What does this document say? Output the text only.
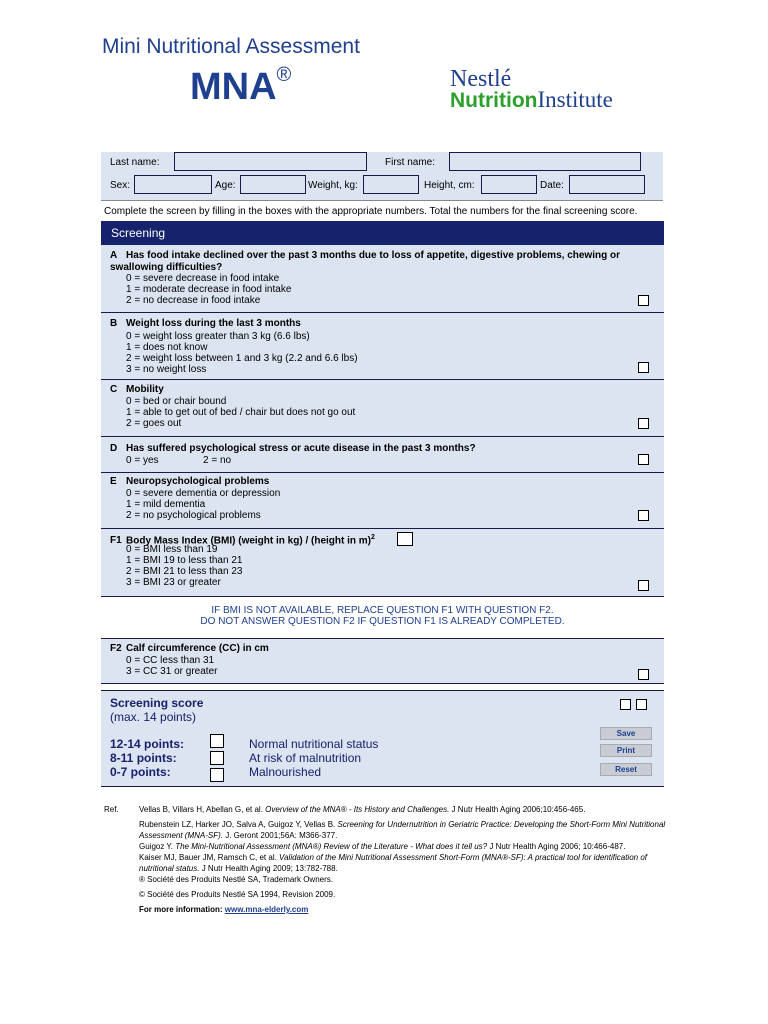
Mini Nutritional Assessment
MNA®	Nestlé
NutritionInstitute
Last name:	First name:
Sex:	Age:	Weight, kg:	Height, cm:	Date:
Complete the screen by filling in the boxes with the appropriate numbers. Total the numbers for the final screening score.
Screening
A Has food intake declined over the past 3 months due to loss of appetite, digestive problems, chewing or swallowing difficulties?
0 = severe decrease in food intake
1 = moderate decrease in food intake
2 = no decrease in food intake
B Weight loss during the last 3 months
0 = weight loss greater than 3 kg (6.6 lbs)
1 = does not know
2 = weight loss between 1 and 3 kg (2.2 and 6.6 lbs)
3 = no weight loss
C Mobility
0 = bed or chair bound
1 = able to get out of bed / chair but does not go out
2 = goes out
D Has suffered psychological stress or acute disease in the past 3 months?
0 = yes	2 = no
E Neuropsychological problems
0 = severe dementia or depression
1 = mild dementia
2 = no psychological problems
F1 Body Mass Index (BMI) (weight in kg) / (height in m)$^2$
0 = BMI less than 19
1 = BMI 19 to less than 21
2 = BMI 21 to less than 23
3 = BMI 23 or greater
IF BMI IS NOT AVAILABLE, REPLACE QUESTION F1 WITH QUESTION F2.
DO NOT ANSWER QUESTION F2 IF QUESTION F1 IS ALREADY COMPLETED.
F2 Calf circumference (CC) in cm
0 = CC less than 31
3 = CC 31 or greater
Screening score
(max. 14 points)
12-14 points:	Normal nutritional status
8-11 points:	At risk of malnutrition
0-7 points:	Malnourished
Save
Print
Reset
Ref.	Vellas B, Villars H, Abellan G, et al. Overview of the MNA® - Its History and Challenges. J Nutr Health Aging 2006;10:456-465.
Rubenstein LZ, Harker JO, Salva A, Guigoz Y, Vellas B. Screening for Undernutrition in Geriatric Practice: Developing the Short-Form Mini Nutritional Assessment (MNA-SF). J. Geront 2001;56A: M366-377.
Guigoz Y. The Mini-Nutritional Assessment (MNA®) Review of the Literature - What does it tell us? J Nutr Health Aging 2006; 10:466-487.
Kaiser MJ, Bauer JM, Ramsch C, et al. Validation of the Mini Nutritional Assessment Short-Form (MNA®-SF): A practical tool for identification of nutritional status. J Nutr Health Aging 2009; 13:782-788.
® Société des Produits Nestlé SA, Trademark Owners.
© Société des Produits Nestlé SA 1994, Revision 2009.
For more information: www.mna-elderly.com
